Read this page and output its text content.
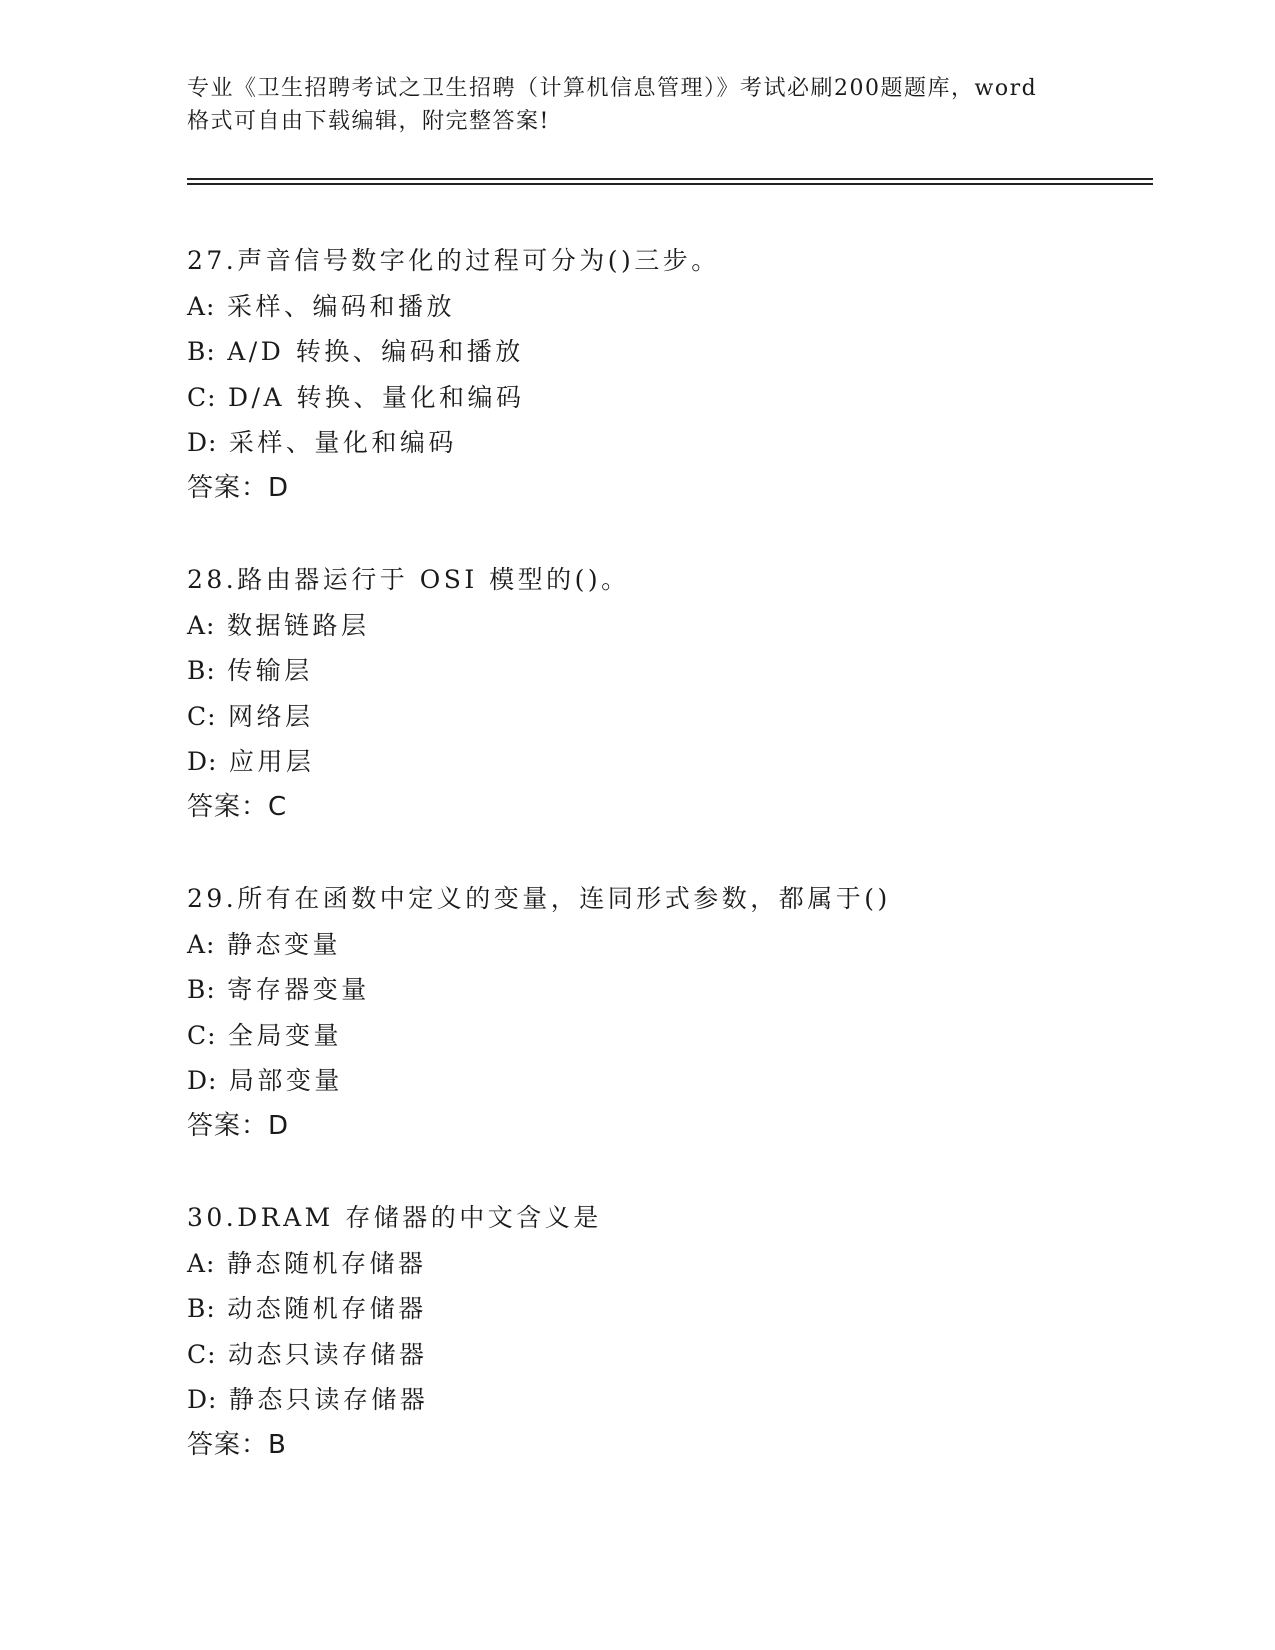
专业《卫生招聘考试之卫生招聘（计算机信息管理）》考试必刷200题题库，word
格式可自由下载编辑，附完整答案!
27.声音信号数字化的过程可分为()三步。
A: 采样、编码和播放
B: A/D 转换、编码和播放
C: D/A 转换、量化和编码
D: 采样、量化和编码
答案：D
28.路由器运行于 OSI 模型的()。
A: 数据链路层
B: 传输层
C: 网络层
D: 应用层
答案：C
29.所有在函数中定义的变量，连同形式参数，都属于()
A: 静态变量
B: 寄存器变量
C: 全局变量
D: 局部变量
答案：D
30.DRAM 存储器的中文含义是
A: 静态随机存储器
B: 动态随机存储器
C: 动态只读存储器
D: 静态只读存储器
答案：B
